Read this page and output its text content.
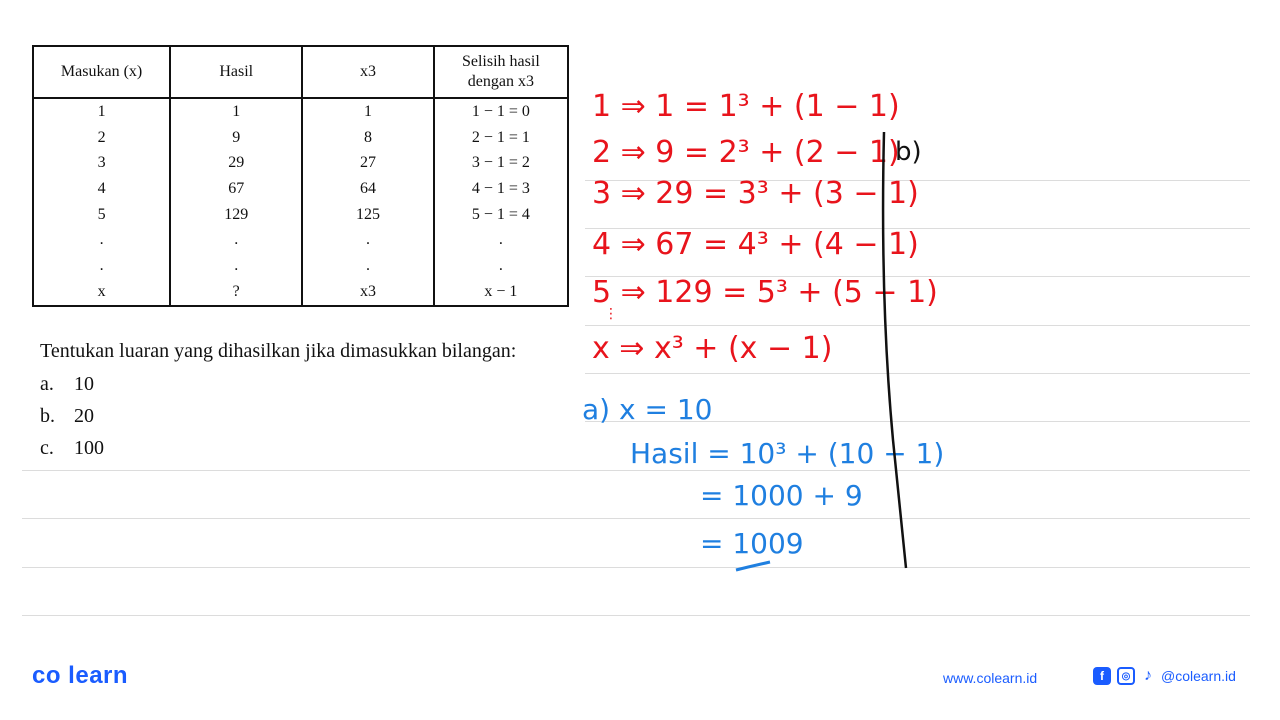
Masukan (x)	Hasil	x3	Selisih hasil dengan x3
1	1	1	1 − 1 = 0
2	9	8	2 − 1 = 1
3	29	27	3 − 1 = 2
4	67	64	4 − 1 = 3
5	129	125	5 − 1 = 4
.	.	.	.
.	.	.	.
x	?	x3	x − 1
Tentukan luaran yang dihasilkan jika dimasukkan bilangan:
a. 10
b. 20
c. 100
1 ⇒ 1 = 1³ + (1 − 1)
2 ⇒ 9 = 2³ + (2 − 1)
3 ⇒ 29 = 3³ + (3 − 1)
4 ⇒ 67 = 4³ + (4 − 1)
5 ⇒ 129 = 5³ + (5 − 1)
⋮
x ⇒ x³ + (x − 1)
a) x = 10
Hasil = 10³ + (10 − 1)
= 1000 + 9
= 1009
b)
co learn	www.colearn.id	f	◎ ♪ @colearn.id
